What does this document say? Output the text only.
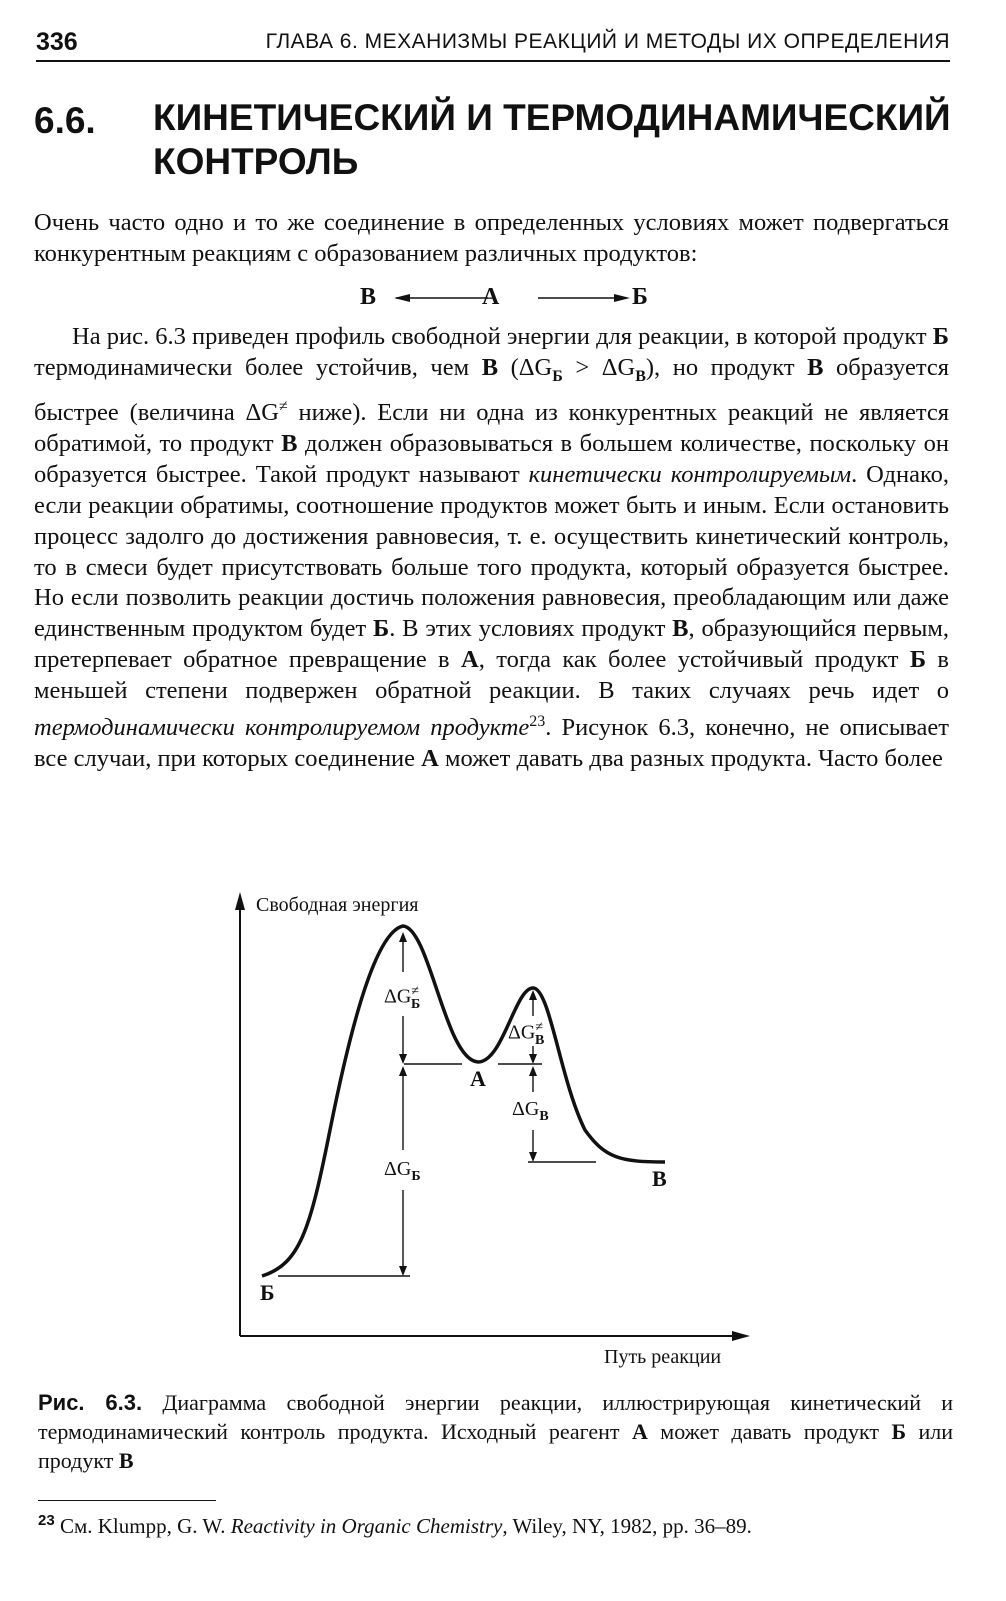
336	ГЛАВА 6. МЕХАНИЗМЫ РЕАКЦИЙ И МЕТОДЫ ИХ ОПРЕДЕЛЕНИЯ
6.6. КИНЕТИЧЕСКИЙ И ТЕРМОДИНАМИЧЕСКИЙ КОНТРОЛЬ

Очень часто одно и то же соединение в определенных условиях может подвергаться конкурентным реакциям с образованием различных продуктов:

В	А	Б

На рис. 6.3 приведен профиль свободной энергии для реакции, в которой продукт Б термодинамически более устойчив, чем В $(\Delta G_Б > \Delta G_В)$, но продукт В образуется быстрее (величина ΔG≠ ниже). Если ни одна из конкурентных реакций не является обратимой, то продукт В должен образовываться в большем количестве, поскольку он образуется быстрее. Такой продукт называют кинетически контролируемым. Однако, если реакции обратимы, соотношение продуктов может быть и иным. Если остановить процесс задолго до достижения равновесия, т. е. осуществить кинетический контроль, то в смеси будет присутствовать больше того продукта, который образуется быстрее. Но если позволить реакции достичь положения равновесия, преобладающим или даже единственным продуктом будет Б. В этих условиях продукт В, образующийся первым, претерпевает обратное превращение в А, тогда как более устойчивый продукт Б в меньшей степени подвержен обратной реакции. В таких случаях речь идет о термодинамически контролируемом продукте$^{23}$. Рисунок 6.3, конечно, не описывает все случаи, при которых соединение А может давать два разных продукта. Часто более

Свободная энергия
Путь реакции
$\Delta G^\ne_Б$
$\Delta G^\ne_В$
$\Delta G_В$
$\Delta G_Б$
А
Б
В
Рис. 6.3. Диаграмма свободной энергии реакции, иллюстрирующая кинетический и термодинамический контроль продукта. Исходный реагент А может давать продукт Б или продукт В
$^{23}$ См. Klumpp, G. W. Reactivity in Organic Chemistry, Wiley, NY, 1982, pp. 36–89.
